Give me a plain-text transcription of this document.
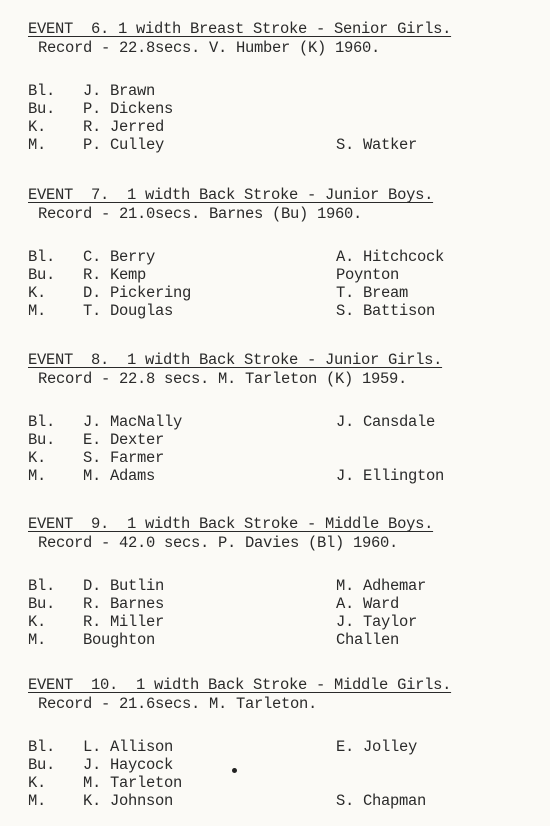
EVENT  6. 1 width Breast Stroke - Senior Girls.
Record - 22.8secs. V. Humber (K) 1960.
Bl. J. Brawn
Bu. P. Dickens
K. R. Jerred
M. P. Culley	S. Watker
EVENT  7.  1 width Back Stroke - Junior Boys.
Record - 21.0secs. Barnes (Bu) 1960.
Bl. C. Berry	A. Hitchcock
Bu. R. Kemp	Poynton
K. D. Pickering	T. Bream
M. T. Douglas	S. Battison
EVENT  8.  1 width Back Stroke - Junior Girls.
Record - 22.8 secs. M. Tarleton (K) 1959.
Bl. J. MacNally	J. Cansdale
Bu. E. Dexter
K. S. Farmer
M. M. Adams	J. Ellington
EVENT  9.  1 width Back Stroke - Middle Boys.
Record - 42.0 secs. P. Davies (Bl) 1960.
Bl. D. Butlin	M. Adhemar
Bu. R. Barnes	A. Ward
K. R. Miller	J. Taylor
M. Boughton	Challen
EVENT  10.  1 width Back Stroke - Middle Girls.
Record - 21.6secs. M. Tarleton.
Bl. L. Allison	E. Jolley
Bu. J. Haycock
K. M. Tarleton
M. K. Johnson	S. Chapman
